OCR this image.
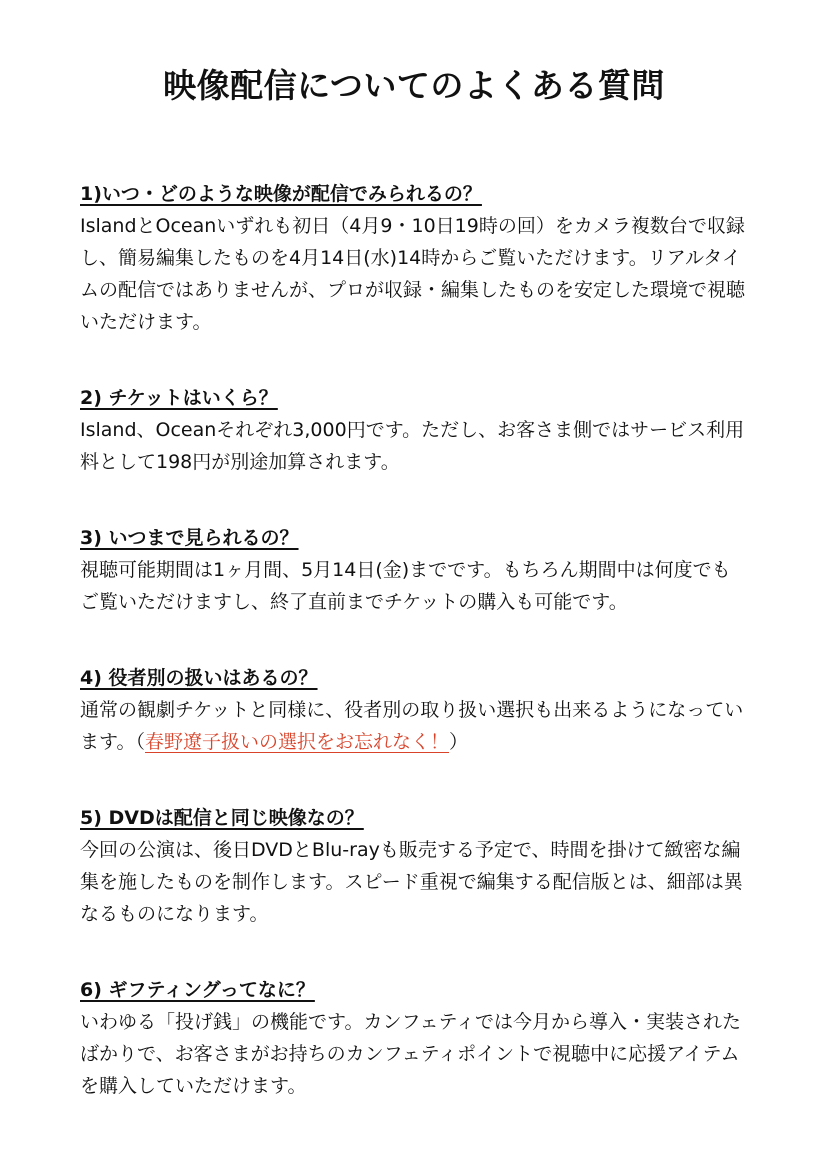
映像配信についてのよくある質問
1)いつ・どのような映像が配信でみられるの？

IslandとOceanいずれも初日（4月9・10日19時の回）をカメラ複数台で収録し、簡易編集したものを4月14日(水)14時からご覧いただけます。リアルタイムの配信ではありませんが、プロが収録・編集したものを安定した環境で視聴いただけます。

2) チケットはいくら？

Island、Oceanそれぞれ3,000円です。ただし、お客さま側ではサービス利用料として198円が別途加算されます。

3) いつまで見られるの？

視聴可能期間は1ヶ月間、5月14日(金)までです。もちろん期間中は何度でもご覧いただけますし、終了直前までチケットの購入も可能です。

4) 役者別の扱いはあるの？

通常の観劇チケットと同様に、役者別の取り扱い選択も出来るようになっています。（春野遼子扱いの選択をお忘れなく！）

5) DVDは配信と同じ映像なの？

今回の公演は、後日DVDとBlu-rayも販売する予定で、時間を掛けて緻密な編集を施したものを制作します。スピード重視で編集する配信版とは、細部は異なるものになります。

6) ギフティングってなに？

いわゆる「投げ銭」の機能です。カンフェティでは今月から導入・実装されたばかりで、お客さまがお持ちのカンフェティポイントで視聴中に応援アイテムを購入していただけます。
